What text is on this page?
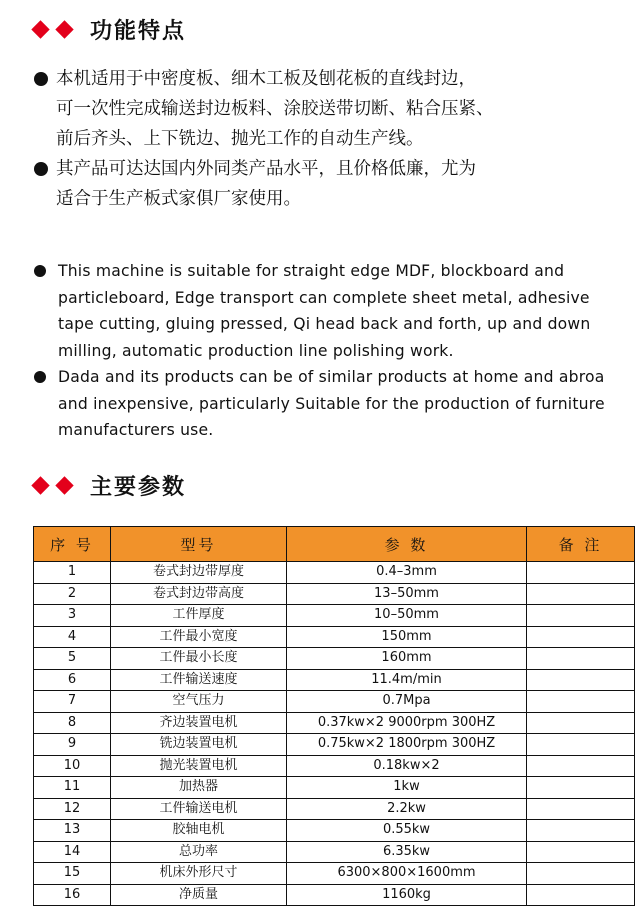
功能特点
本机适用于中密度板、细木工板及刨花板的直线封边，
可一次性完成输送封边板料、涂胶送带切断、粘合压紧、
前后齐头、上下铣边、抛光工作的自动生产线。
其产品可达达国内外同类产品水平，且价格低廉，尤为
适合于生产板式家俱厂家使用。
This machine is suitable for straight edge MDF, blockboard and
particleboard, Edge transport can complete sheet metal, adhesive
tape cutting, gluing pressed, Qi head back and forth, up and down
milling, automatic production line polishing work.
Dada and its products can be of similar products at home and abroa
and inexpensive, particularly Suitable for the production of furniture
manufacturers use.
主要参数
序 号	型号	参 数	备 注
1	卷式封边带厚度	0.4–3mm	
2	卷式封边带高度	13–50mm	
3	工件厚度	10–50mm	
4	工件最小宽度	150mm	
5	工件最小长度	160mm	
6	工件输送速度	11.4m/min	
7	空气压力	0.7Mpa	
8	齐边装置电机	0.37kw×2 9000rpm 300HZ	
9	铣边装置电机	0.75kw×2 1800rpm 300HZ	
10	抛光装置电机	0.18kw×2	
11	加热器	1kw	
12	工件输送电机	2.2kw	
13	胶轴电机	0.55kw	
14	总功率	6.35kw	
15	机床外形尺寸	6300×800×1600mm	
16	净质量	1160kg	
